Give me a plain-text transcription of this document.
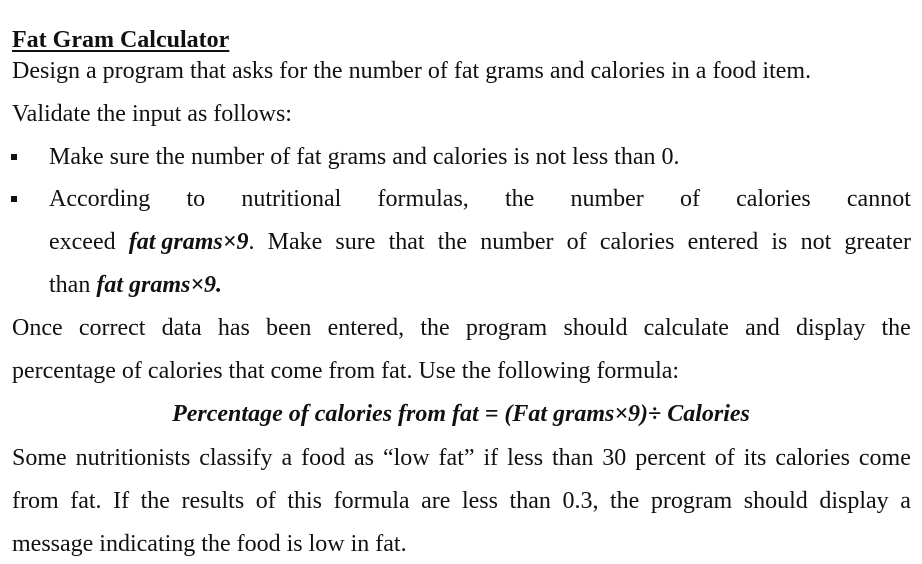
Fat Gram Calculator
Design a program that asks for the number of fat grams and calories in a food item.
Validate the input as follows:
Make sure the number of fat grams and calories is not less than 0.
According to nutritional formulas, the number of calories cannot
exceed fat grams×9. Make sure that the number of calories entered is not greater
than fat grams×9.
Once correct data has been entered, the program should calculate and display the
percentage of calories that come from fat. Use the following formula:
Percentage of calories from fat = (Fat grams×9)÷ Calories
Some nutritionists classify a food as “low fat” if less than 30 percent of its calories come
from fat. If the results of this formula are less than 0.3, the program should display a
message indicating the food is low in fat.
